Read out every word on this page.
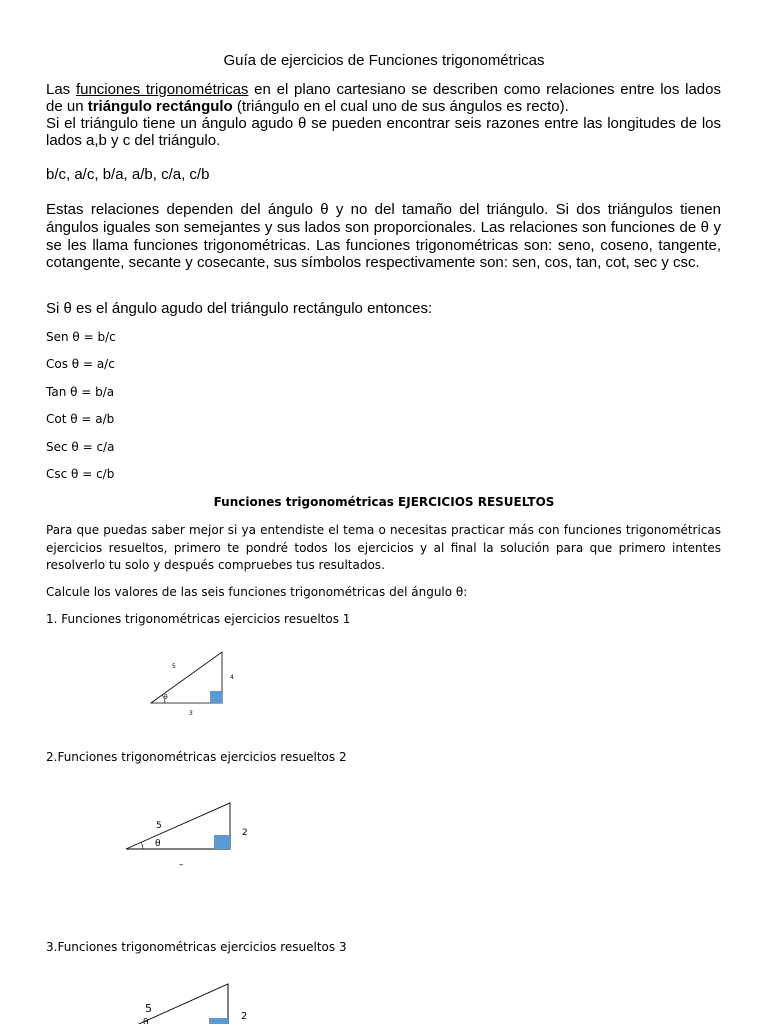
Guía de ejercicios de Funciones trigonométricas
Las funciones trigonométricas en el plano cartesiano se describen como relaciones entre los lados de un triángulo rectángulo (triángulo en el cual uno de sus ángulos es recto).
Si el triángulo tiene un ángulo agudo θ se pueden encontrar seis razones entre las longitudes de los lados a,b y c del triángulo.
b/c, a/c, b/a, a/b, c/a, c/b
Estas relaciones dependen del ángulo θ y no del tamaño del triángulo. Si dos triángulos tienen ángulos iguales son semejantes y sus lados son proporcionales. Las relaciones son funciones de θ y se les llama funciones trigonométricas. Las funciones trigonométricas son: seno, coseno, tangente, cotangente, secante y cosecante, sus símbolos respectivamente son: sen, cos, tan, cot, sec y csc.
Si θ es el ángulo agudo del triángulo rectángulo entonces:
Sen θ = b/c
Cos θ = a/c
Tan θ = b/a
Cot θ = a/b
Sec θ = c/a
Csc θ = c/b
Funciones trigonométricas EJERCICIOS RESUELTOS
Para que puedas saber mejor si ya entendiste el tema o necesitas practicar más con funciones trigonométricas ejercicios resueltos, primero te pondré todos los ejercicios y al final la solución para que primero intentes resolverlo tu solo y después compruebes tus resultados.
Calcule los valores de las seis funciones trigonométricas del ángulo θ:
1. Funciones trigonométricas ejercicios resueltos 1
5
4
3
θ
2.Funciones trigonométricas ejercicios resueltos 2
5
2
–
θ
3.Funciones trigonométricas ejercicios resueltos 3
5
2
θ
